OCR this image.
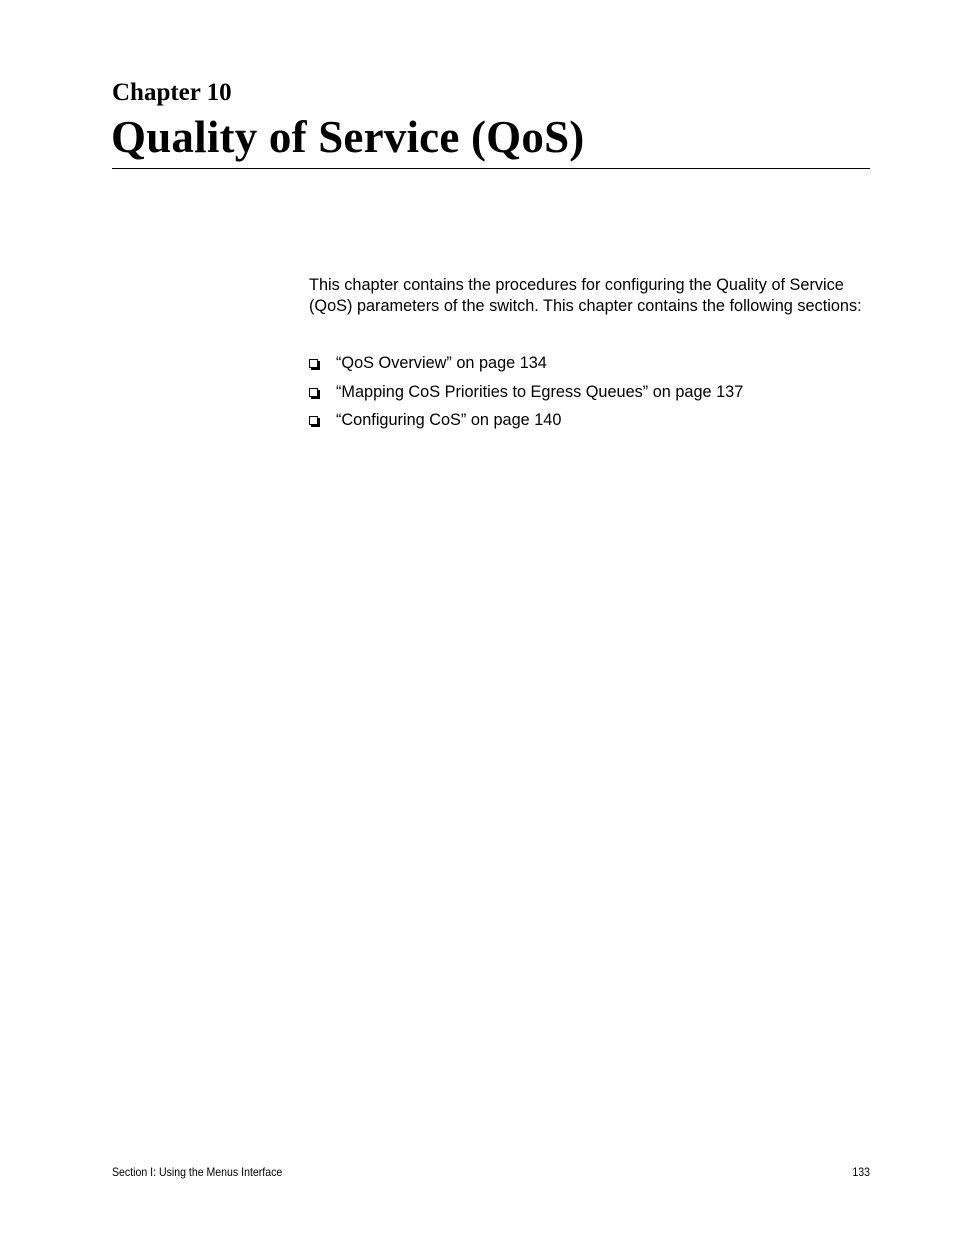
Chapter 10
Quality of Service (QoS)

This chapter contains the procedures for configuring the Quality of Service (QoS) parameters of the switch. This chapter contains the following sections:

“QoS Overview” on page 134
“Mapping CoS Priorities to Egress Queues” on page 137
“Configuring CoS” on page 140
Section I: Using the Menus Interface	133
